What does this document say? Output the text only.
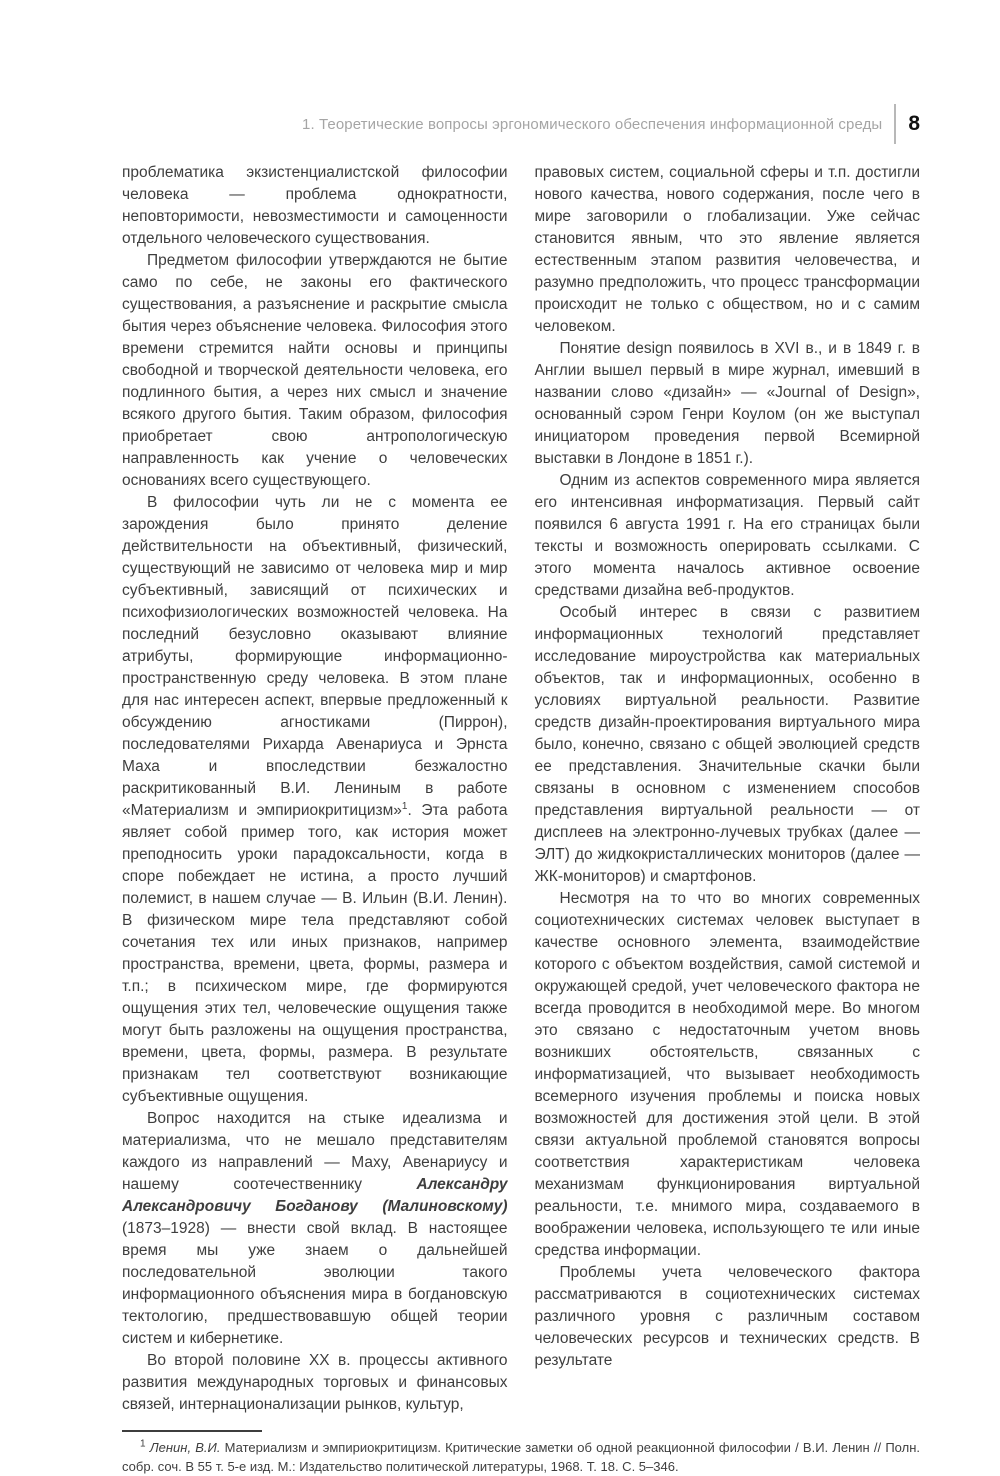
1. Теоретические вопросы эргономического обеспечения информационной среды 8

проблематика экзистенциалистской философии человека — проблема однократности, неповторимости, невозместимости и самоценности отдельного человеческого существования.

Предметом философии утверждаются не бытие само по себе, не законы его фактического существования, а разъяснение и раскрытие смысла бытия через объяснение человека. Философия этого времени стремится найти основы и принципы свободной и творческой деятельности человека, его подлинного бытия, а через них смысл и значение всякого другого бытия. Таким образом, философия приобретает свою антропологическую направленность как учение о человеческих основаниях всего существующего.

В философии чуть ли не с момента ее зарождения было принято деление действительности на объективный, физический, существующий не зависимо от человека мир и мир субъективный, зависящий от психических и психофизиологических возможностей человека. На последний безусловно оказывают влияние атрибуты, формирующие информационно-пространственную среду человека. В этом плане для нас интересен аспект, впервые предложенный к обсуждению агностиками (Пиррон), последователями Рихарда Авенариуса и Эрнста Маха и впоследствии безжалостно раскритикованный В.И. Лениным в работе «Материализм и эмпириокритицизм»$^1$. Эта работа являет собой пример того, как история может преподносить уроки парадоксальности, когда в споре побеждает не истина, а просто лучший полемист, в нашем случае — В. Ильин (В.И. Ленин). В физическом мире тела представляют собой сочетания тех или иных признаков, например пространства, времени, цвета, формы, размера и т.п.; в психическом мире, где формируются ощущения этих тел, человеческие ощущения также могут быть разложены на ощущения пространства, времени, цвета, формы, размера. В результате признакам тел соответствуют возникающие субъективные ощущения.

Вопрос находится на стыке идеализма и материализма, что не мешало представителям каждого из направлений — Маху, Авенариусу и нашему соотечественнику Александру Александровичу Богданову (Малиновскому) (1873–1928) — внести свой вклад. В настоящее время мы уже знаем о дальнейшей последовательной эволюции такого информационного объяснения мира в богдановскую тектологию, предшествовавшую общей теории систем и кибернетике.

Во второй половине XX в. процессы активного развития международных торговых и финансовых связей, интернационализации рынков, культур,

правовых систем, социальной сферы и т.п. достигли нового качества, нового содержания, после чего в мире заговорили о глобализации. Уже сейчас становится явным, что это явление является естественным этапом развития человечества, и разумно предположить, что процесс трансформации происходит не только с обществом, но и с самим человеком.

Понятие design появилось в XVI в., и в 1849 г. в Англии вышел первый в мире журнал, имевший в названии слово «дизайн» — «Journal of Design», основанный сэром Генри Коулом (он же выступал инициатором проведения первой Всемирной выставки в Лондоне в 1851 г.).

Одним из аспектов современного мира является его интенсивная информатизация. Первый сайт появился 6 августа 1991 г. На его страницах были тексты и возможность оперировать ссылками. С этого момента началось активное освоение средствами дизайна веб-продуктов.

Особый интерес в связи с развитием информационных технологий представляет исследование мироустройства как материальных объектов, так и информационных, особенно в условиях виртуальной реальности. Развитие средств дизайн-проектирования виртуального мира было, конечно, связано с общей эволюцией средств ее представления. Значительные скачки были связаны в основном с изменением способов представления виртуальной реальности — от дисплеев на электронно-лучевых трубках (далее — ЭЛТ) до жидкокристаллических мониторов (далее — ЖК-мониторов) и смартфонов.

Несмотря на то что во многих современных социотехнических системах человек выступает в качестве основного элемента, взаимодействие которого с объектом воздействия, самой системой и окружающей средой, учет человеческого фактора не всегда проводится в необходимой мере. Во многом это связано с недостаточным учетом вновь возникших обстоятельств, связанных с информатизацией, что вызывает необходимость всемерного изучения проблемы и поиска новых возможностей для достижения этой цели. В этой связи актуальной проблемой становятся вопросы соответствия характеристикам человека механизмам функционирования виртуальной реальности, т.е. мнимого мира, создаваемого в воображении человека, использующего те или иные средства информации.

Проблемы учета человеческого фактора рассматриваются в социотехнических системах различного уровня с различным составом человеческих ресурсов и технических средств. В результате

$^1$ Ленин, В.И. Материализм и эмпириокритицизм. Критические заметки об одной реакционной философии / В.И. Ленин // Полн. собр. соч. В 55 т. 5-е изд. М.: Издательство политической литературы, 1968. Т. 18. С. 5–346.
